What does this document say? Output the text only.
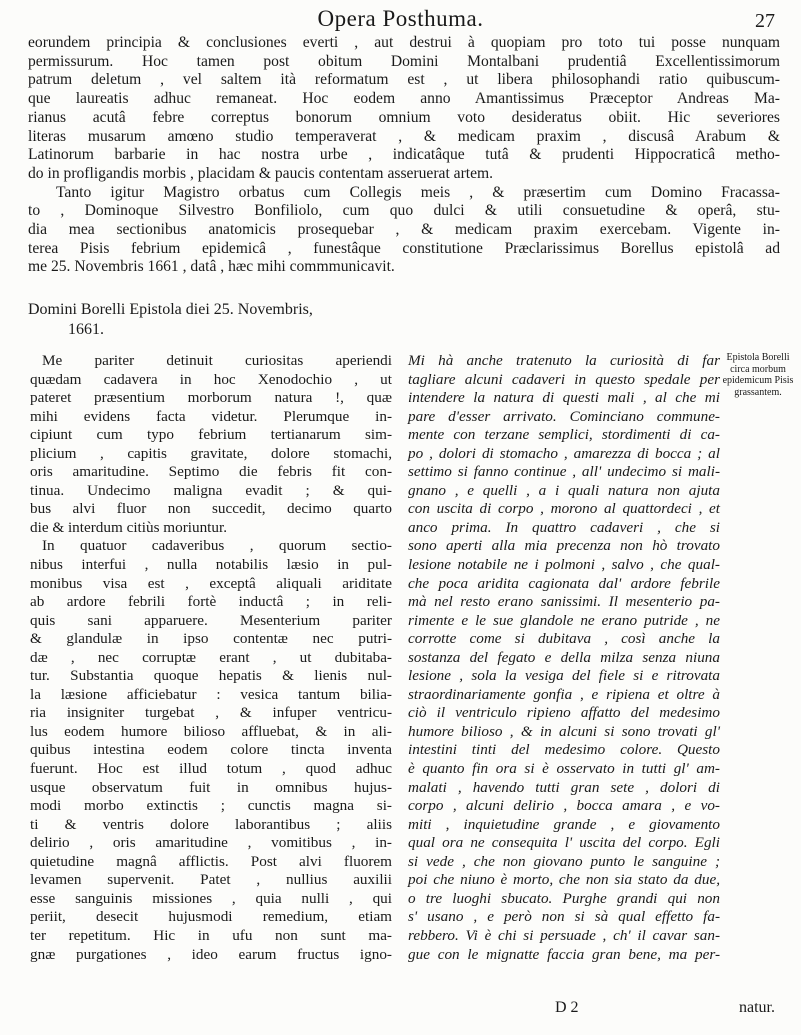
Opera Posthuma.	27
eorundem principia & conclusiones everti , aut destrui à quopiam pro toto tui posse nunquam
permissurum. Hoc tamen post obitum Domini Montalbani prudentiâ Excellentissimorum
patrum deletum , vel saltem ità reformatum est , ut libera philosophandi ratio quibuscum-
que laureatis adhuc remaneat. Hoc eodem anno Amantissimus Præceptor Andreas Ma-
rianus acutâ febre correptus bonorum omnium voto desideratus obiit. Hic severiores
literas musarum amœno studio temperaverat , & medicam praxim , discusâ Arabum &
Latinorum barbarie in hac nostra urbe , indicatâque tutâ & prudenti Hippocraticâ metho-
do in profligandis morbis , placidam & paucis contentam asseruerat artem.
Tanto igitur Magistro orbatus cum Collegis meis , & præsertim cum Domino Fracassa-
to , Dominoque Silvestro Bonfiliolo, cum quo dulci & utili consuetudine & operâ, stu-
dia mea sectionibus anatomicis prosequebar , & medicam praxim exercebam. Vigente in-
terea Pisis febrium epidemicâ , funestâque constitutione Præclarissimus Borellus epistolâ ad
me 25. Novembris 1661 , datâ , hæc mihi commmunicavit.
Domini Borelli Epistola diei 25. Novembris,
1661.
Me pariter detinuit curiositas aperiendi
quædam cadavera in hoc Xenodochio , ut
pateret præsentium morborum natura !, quæ
mihi evidens facta videtur. Plerumque in-
cipiunt cum typo febrium tertianarum sim-
plicium , capitis gravitate, dolore stomachi,
oris amaritudine. Septimo die febris fit con-
tinua. Undecimo maligna evadit ; & qui-
bus alvi fluor non succedit, decimo quarto
die & interdum citiùs moriuntur.
In quatuor cadaveribus , quorum sectio-
nibus interfui , nulla notabilis læsio in pul-
monibus visa est , exceptâ aliquali ariditate
ab ardore febrili fortè inductâ ; in reli-
quis sani apparuere. Mesenterium pariter
& glandulæ in ipso contentæ nec putri-
dæ , nec corruptæ erant , ut dubitaba-
tur. Substantia quoque hepatis & lienis nul-
la læsione afficiebatur : vesica tantum bilia-
ria insigniter turgebat , & infuper ventricu-
lus eodem humore bilioso affluebat, & in ali-
quibus intestina eodem colore tincta inventa
fuerunt. Hoc est illud totum , quod adhuc
usque observatum fuit in omnibus hujus-
modi morbo extinctis ; cunctis magna si-
ti & ventris dolore laborantibus ; aliis
delirio , oris amaritudine , vomitibus , in-
quietudine magnâ afflictis. Post alvi fluorem
levamen supervenit. Patet , nullius auxilii
esse sanguinis missiones , quia nulli , qui
periit, desecit hujusmodi remedium, etiam
ter repetitum. Hic in ufu non sunt ma-
gnæ purgationes , ideo earum fructus igno-
Mi hà anche tratenuto la curiosità di far
tagliare alcuni cadaveri in questo spedale per
intendere la natura di questi mali , al che mi
pare d'esser arrivato. Cominciano commune-
mente con terzane semplici, stordimenti di ca-
po , dolori di stomacho , amarezza di bocca ; al
settimo si fanno continue , all' undecimo si mali-
gnano , e quelli , a i quali natura non ajuta
con uscita di corpo , morono al quattordeci , et
anco prima. In quattro cadaveri , che si
sono aperti alla mia precenza non hò trovato
lesione notabile ne i polmoni , salvo , che qual-
che poca aridita cagionata dal' ardore febrile
mà nel resto erano sanissimi. Il mesenterio pa-
rimente e le sue glandole ne erano putride , ne
corrotte come si dubitava , così anche la
sostanza del fegato e della milza senza niuna
lesione , sola la vesiga del fiele si e ritrovata
straordinariamente gonfia , e ripiena et oltre à
ciò il ventriculo ripieno affatto del medesimo
humore bilioso , & in alcuni si sono trovati gl'
intestini tinti del medesimo colore. Questo
è quanto fin ora si è osservato in tutti gl' am-
malati , havendo tutti gran sete , dolori di
corpo , alcuni delirio , bocca amara , e vo-
miti , inquietudine grande , e giovamento
qual ora ne consequita l' uscita del corpo. Egli
si vede , che non giovano punto le sanguine ;
poi che niuno è morto, che non sia stato da due,
o tre luoghi sbucato. Purghe grandi qui non
s' usano , e però non si sà qual effetto fa-
rebbero. Vi è chi si persuade , ch' il cavar san-
gue con le mignatte faccia gran bene, ma per-
Epistola Borelli circa morbum epidemicum Pisis grassantem.
D 2	natur.
